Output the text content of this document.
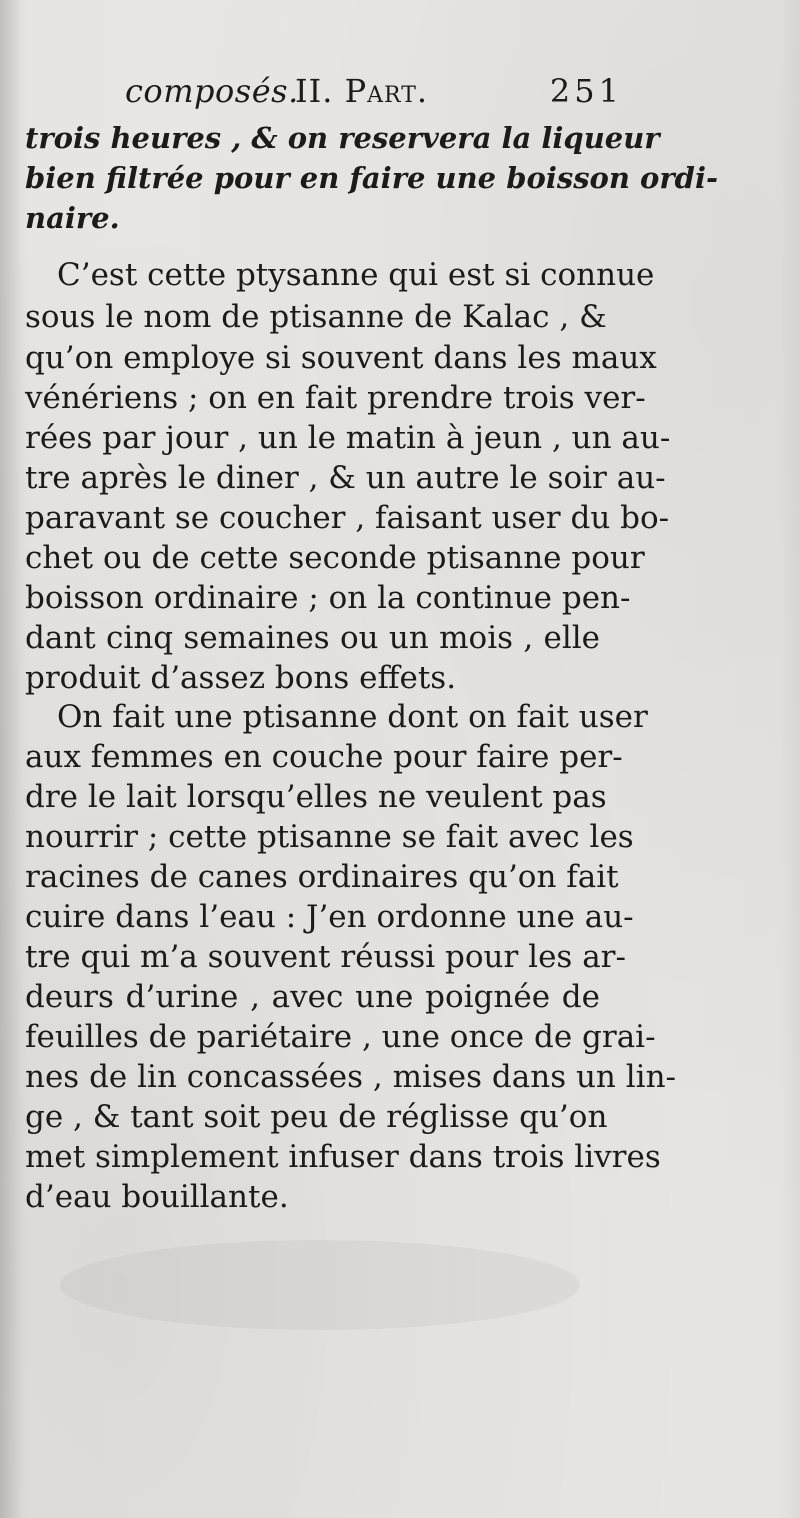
composés.
II. Part.	251
trois heures , & on reservera la liqueur
bien filtrée pour en faire une boisson ordi-
naire.
C’est cette ptysanne qui est si connue
sous le nom de ptisanne de Kalac , &
qu’on employe si souvent dans les maux
vénériens ; on en fait prendre trois ver-
rées par jour , un le matin à jeun , un au-
tre après le diner , & un autre le soir au-
paravant se coucher , faisant user du bo-
chet ou de cette seconde ptisanne pour
boisson ordinaire ; on la continue pen-
dant cinq semaines ou un mois , elle
produit d’assez bons effets.
On fait une ptisanne dont on fait user
aux femmes en couche pour faire per-
dre le lait lorsqu’elles ne veulent pas
nourrir ; cette ptisanne se fait avec les
racines de canes ordinaires qu’on fait
cuire dans l’eau : J’en ordonne une au-
tre qui m’a souvent réussi pour les ar-
deurs d’urine , avec une poignée de
feuilles de pariétaire , une once de grai-
nes de lin concassées , mises dans un lin-
ge , & tant soit peu de réglisse qu’on
met simplement infuser dans trois livres
d’eau bouillante.
